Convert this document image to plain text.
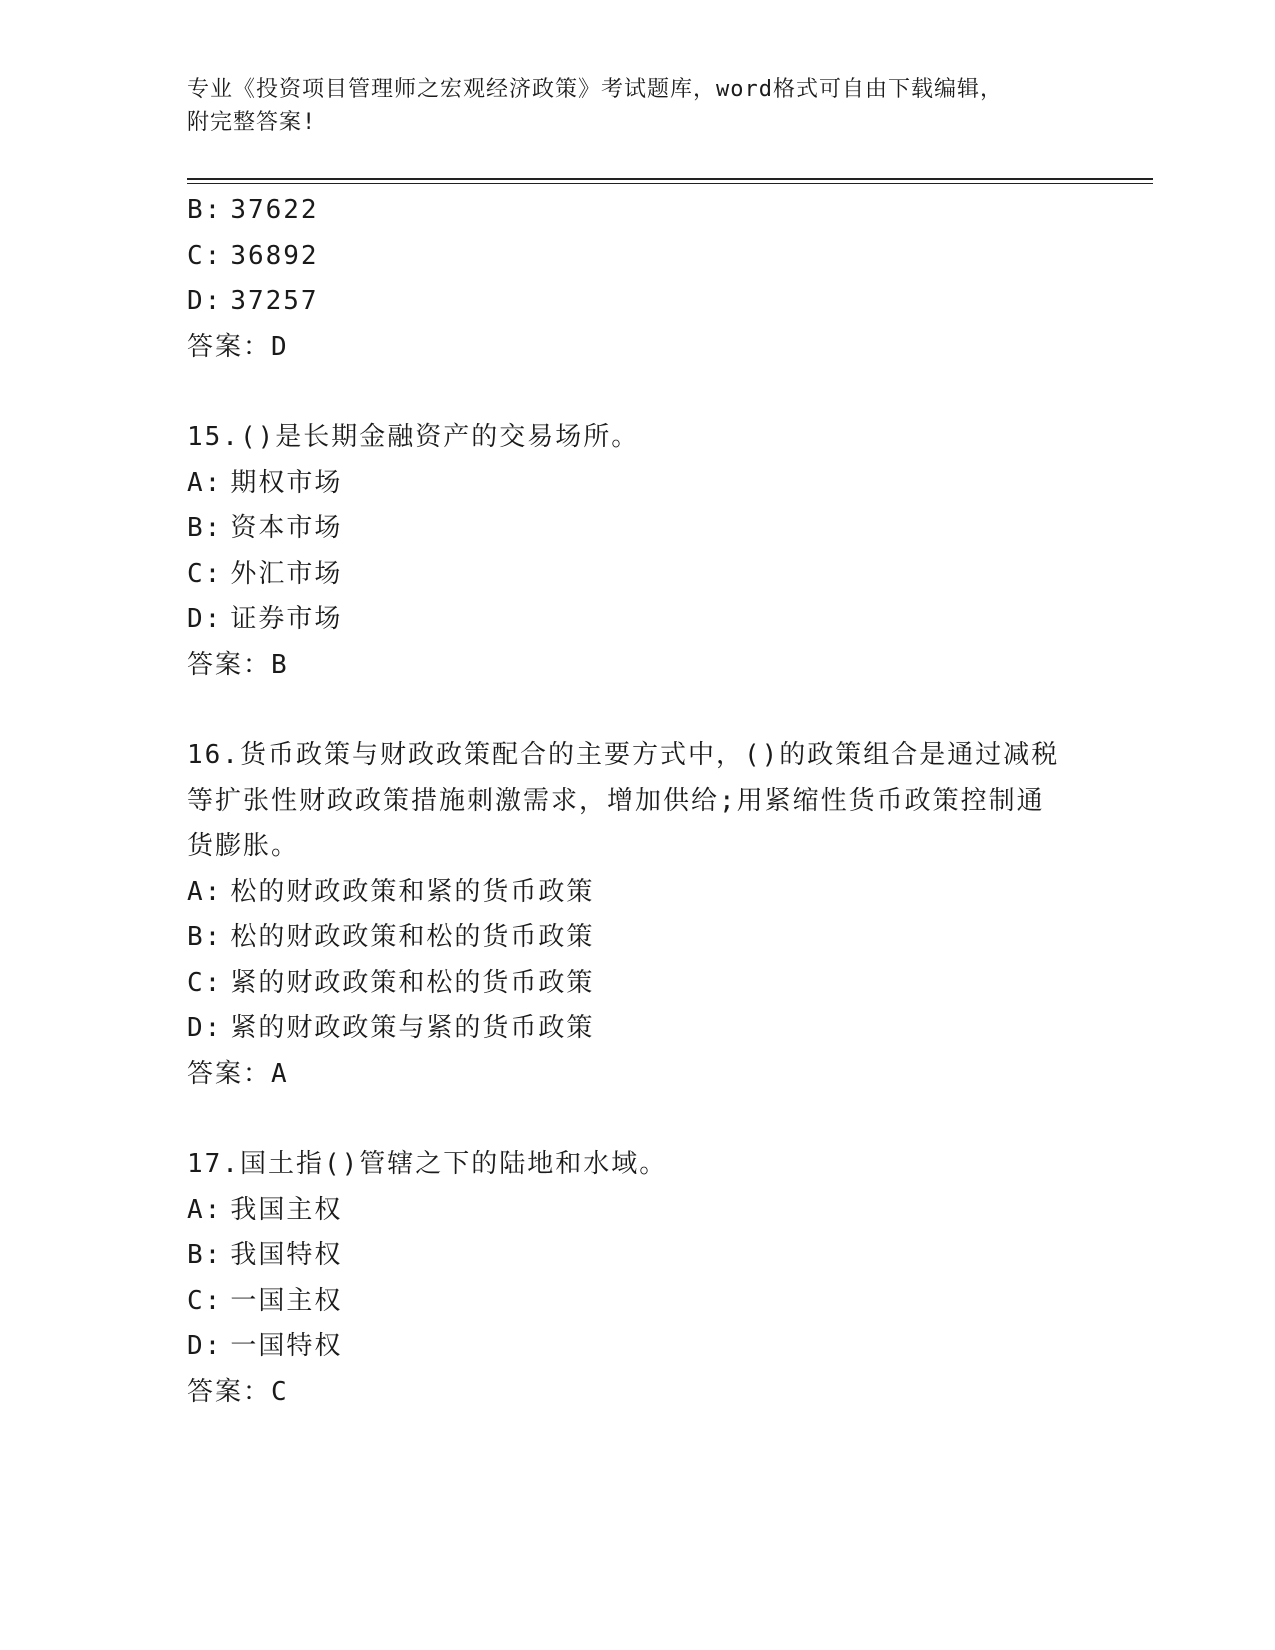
专业《投资项目管理师之宏观经济政策》考试题库，word格式可自由下载编辑，
附完整答案!
B: 37622
C: 36892
D: 37257
答案：D
15.()是长期金融资产的交易场所。
A: 期权市场
B: 资本市场
C: 外汇市场
D: 证券市场
答案：B
16.货币政策与财政政策配合的主要方式中，()的政策组合是通过减税
等扩张性财政政策措施刺激需求，增加供给;用紧缩性货币政策控制通
货膨胀。
A: 松的财政政策和紧的货币政策
B: 松的财政政策和松的货币政策
C: 紧的财政政策和松的货币政策
D: 紧的财政政策与紧的货币政策
答案：A
17.国土指()管辖之下的陆地和水域。
A: 我国主权
B: 我国特权
C: 一国主权
D: 一国特权
答案：C
